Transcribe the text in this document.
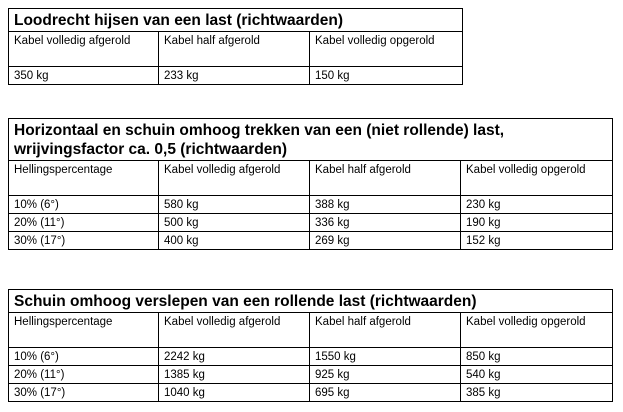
Loodrecht hijsen van een last (richtwaarden)		
Kabel volledig afgerold	Kabel half afgerold	Kabel volledig opgerold
350 kg	233 kg	150 kg
Horizontaal en schuin omhoog trekken van een (niet rollende) last, wrijvingsfactor ca. 0,5 (richtwaarden)			
Hellingspercentage	Kabel volledig afgerold	Kabel half afgerold	Kabel volledig opgerold
10% (6°)	580 kg	388 kg	230 kg
20% (11°)	500 kg	336 kg	190 kg
30% (17°)	400 kg	269 kg	152 kg
Schuin omhoog verslepen van een rollende last (richtwaarden)			
Hellingspercentage	Kabel volledig afgerold	Kabel half afgerold	Kabel volledig opgerold
10% (6°)	2242 kg	1550 kg	850 kg
20% (11°)	1385 kg	925 kg	540 kg
30% (17°)	1040 kg	695 kg	385 kg
